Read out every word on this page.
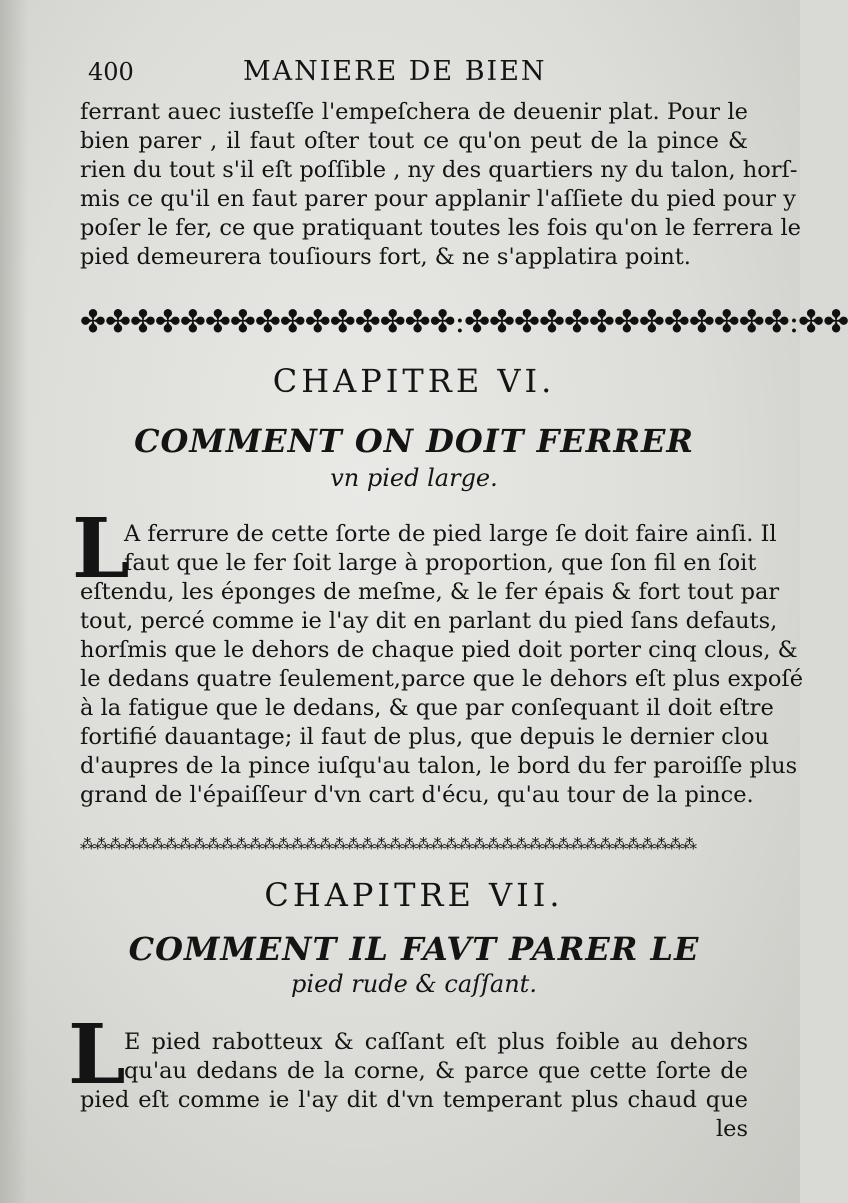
400	MANIERE DE BIEN
ferrant auec iusteſſe l'empeſchera de deuenir plat. Pour le
bien parer , il faut oſter tout ce qu'on peut de la pince &
rien du tout s'il eſt poſſible , ny des quartiers ny du talon, horſ-
mis ce qu'il en faut parer pour applanir l'aſſiete du pied pour y
poſer le fer, ce que pratiquant toutes les fois qu'on le ferrera le
pied demeurera touſiours fort, & ne s'applatira point.
✤✤✤✤✤✤✤✤✤✤✤✤✤✤✤:✤✤✤✤✤✤✤✤✤✤✤✤✤:✤✤
CHAPITRE VI.
COMMENT ON DOIT FERRER
vn pied large.
L
A ferrure de cette ſorte de pied large ſe doit faire ainſi. Il
faut que le fer ſoit large à proportion, que ſon fil en ſoit
eſtendu, les éponges de meſme, & le fer épais & fort tout par
tout, percé comme ie l'ay dit en parlant du pied ſans defauts,
horſmis que le dehors de chaque pied doit porter cinq clous, &
le dedans quatre ſeulement,parce que le dehors eſt plus expoſé
à la fatigue que le dedans, & que par conſequant il doit eſtre
fortifié dauantage; il faut de plus, que depuis le dernier clou
d'aupres de la pince iuſqu'au talon, le bord du fer paroiſſe plus
grand de l'épaiſſeur d'vn cart d'écu, qu'au tour de la pince.
⁂⁂⁂⁂⁂⁂⁂⁂⁂⁂⁂⁂⁂⁂⁂⁂⁂⁂⁂⁂⁂⁂⁂⁂⁂⁂⁂⁂⁂⁂⁂⁂⁂⁂⁂⁂⁂⁂⁂⁂⁂⁂⁂⁂
CHAPITRE VII.
COMMENT IL FAVT PARER LE
pied rude & caſſant.
L
E pied rabotteux & caſſant eſt plus foible au dehors
qu'au dedans de la corne, & parce que cette ſorte de
pied eſt comme ie l'ay dit d'vn temperant plus chaud que
les
